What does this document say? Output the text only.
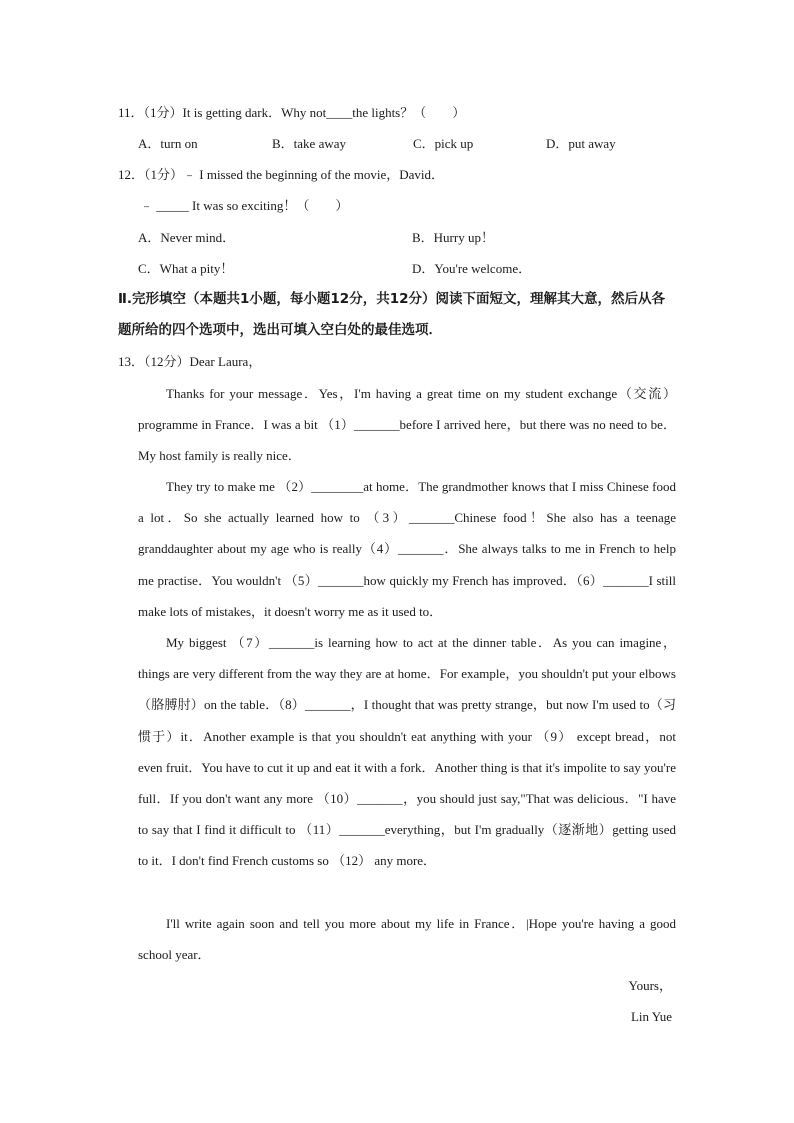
11．（1分）It is getting dark．Why not____the lights？（　　）
A．turn on	B．take away	C．pick up	D．put away
12．（1分）﹣ I missed the beginning of the movie，David．
﹣ _____ It was so exciting！（　　）
A．Never mind．	B．Hurry up！
C．What a pity！	D．You're welcome．
Ⅱ.完形填空（本题共1小题，每小题12分，共12分）阅读下面短文，理解其大意，然后从各题所给的四个选项中，选出可填入空白处的最佳选项．
13．（12分）Dear Laura，
Thanks for your message．Yes，I'm having a great time on my student exchange（交流）programme in France．I was a bit （1）_______before I arrived here，but there was no need to be．My host family is really nice．
They try to make me （2）________at home．The grandmother knows that I miss Chinese food a lot．So she actually learned how to （3）_______Chinese food！She also has a teenage granddaughter about my age who is really（4）_______．She always talks to me in French to help me practise．You wouldn't （5）_______how quickly my French has improved．（6）_______I still make lots of mistakes，it doesn't worry me as it used to．
My biggest （7）_______is learning how to act at the dinner table．As you can imagine，things are very different from the way they are at home．For example，you shouldn't put your elbows（胳膊肘）on the table．（8）_______，I thought that was pretty strange，but now I'm used to（习惯于）it．Another example is that you shouldn't eat anything with your （9） except bread，not even fruit．You have to cut it up and eat it with a fork．Another thing is that it's impolite to say you're full．If you don't want any more （10）_______，you should just say,"That was delicious．"I have to say that I find it difficult to （11）_______everything，but I'm gradually（逐渐地）getting used to it．I don't find French customs so （12） any more．
I'll write again soon and tell you more about my life in France．|Hope you're having a good school year．
Yours，
Lin Yue
